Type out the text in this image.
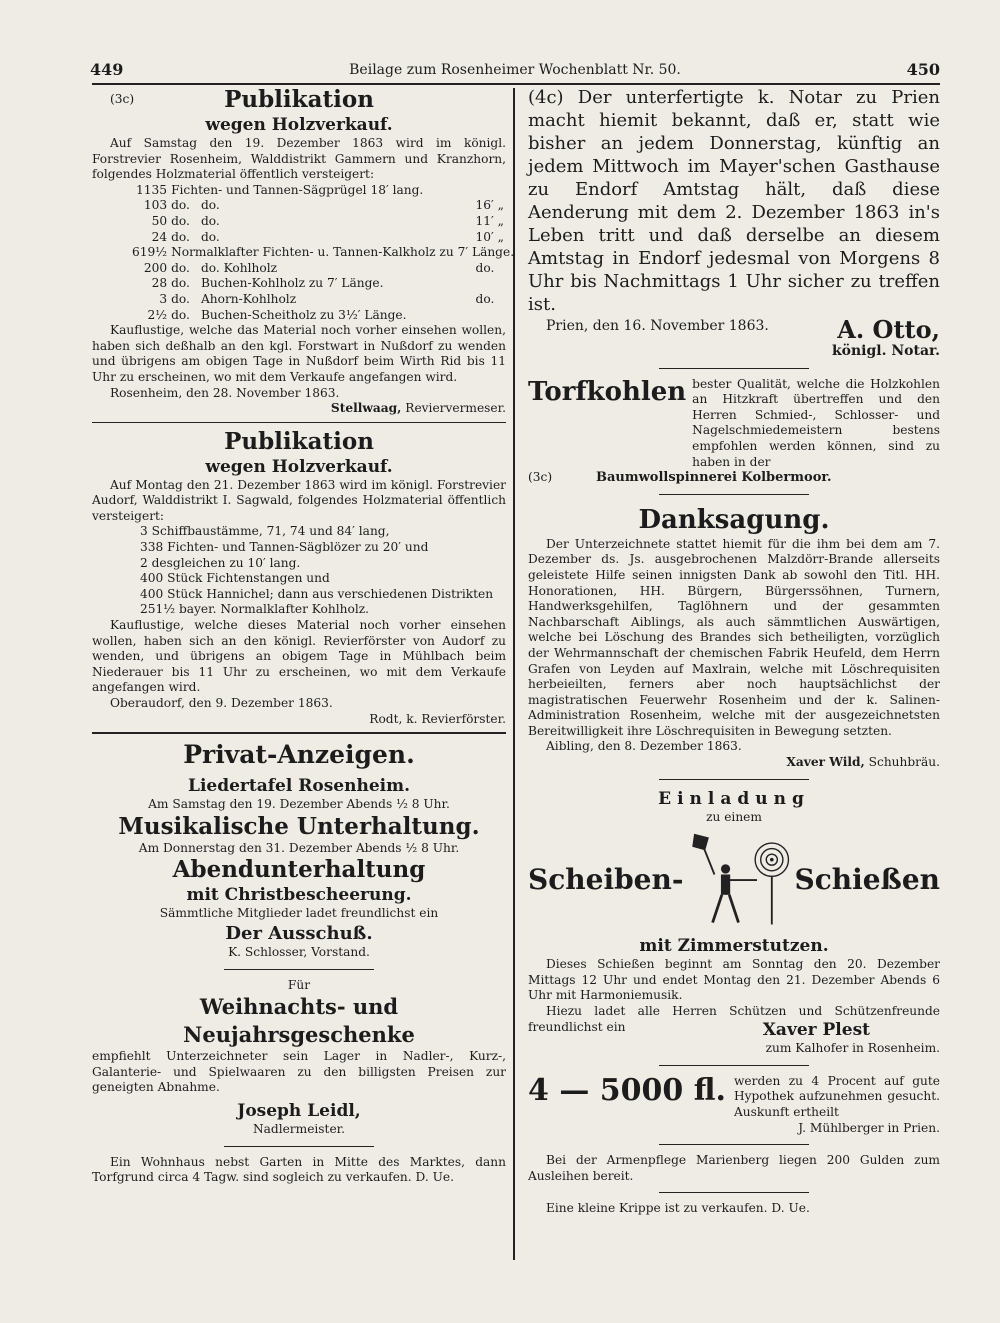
449	Beilage zum Rosenheimer Wochenblatt Nr. 50.	450
(3c)	Publikation

wegen Holzverkauf.

Auf Samstag den 19. Dezember 1863 wird im königl. Forstrevier Rosenheim, Walddistrikt Gammern und Kranzhorn, folgendes Holzmaterial öffentlich versteigert:

1135	Fichten- und Tannen-Sägprügel 18′ lang.		
103	do.	do.	16′ „
50	do.	do.	11′ „
24	do.	do.	10′ „
619½	Normalklafter Fichten- u. Tannen-Kalkholz zu 7′ Länge.		
200	do.	do. Kohlholz	do.
28	do.	Buchen-Kohlholz zu 7′ Länge.	
3	do.	Ahorn-Kohlholz	do.
2½	do.	Buchen-Scheitholz zu 3½′ Länge.	

Kauflustige, welche das Material noch vorher einsehen wollen, haben sich deßhalb an den kgl. Forstwart in Nußdorf zu wenden und übrigens am obigen Tage in Nußdorf beim Wirth Rid bis 11 Uhr zu erscheinen, wo mit dem Verkaufe angefangen wird.

Rosenheim, den 28. November 1863.

Stellwaag, Reviervermeser.

Publikation

wegen Holzverkauf.

Auf Montag den 21. Dezember 1863 wird im königl. Forstrevier Audorf, Walddistrikt I. Sagwald, folgendes Holzmaterial öffentlich versteigert:

3 Schiffbaustämme, 71, 74 und 84′ lang,

338 Fichten- und Tannen-Sägblözer zu 20′ und

2 desgleichen zu 10′ lang.

400 Stück Fichtenstangen und

400 Stück Hannichel; dann aus verschiedenen Distrikten

251½ bayer. Normalklafter Kohlholz.

Kauflustige, welche dieses Material noch vorher einsehen wollen, haben sich an den königl. Revierförster von Audorf zu wenden, und übrigens an obigem Tage in Mühlbach beim Niederauer bis 11 Uhr zu erscheinen, wo mit dem Verkaufe angefangen wird.

Oberaudorf, den 9. Dezember 1863.

Rodt, k. Revierförster.

Privat-Anzeigen.

Liedertafel Rosenheim.

Am Samstag den 19. Dezember Abends ½ 8 Uhr.

Musikalische Unterhaltung.

Am Donnerstag den 31. Dezember Abends ½ 8 Uhr.

Abendunterhaltung

mit Christbescheerung.

Sämmtliche Mitglieder ladet freundlichst ein

Der Ausschuß.

K. Schlosser, Vorstand.

Für

Weihnachts- und Neujahrsgeschenke

empfiehlt Unterzeichneter sein Lager in Nadler-, Kurz-, Galanterie- und Spielwaaren zu den billigsten Preisen zur geneigten Abnahme.

Joseph Leidl,

Nadlermeister.

Ein Wohnhaus nebst Garten in Mitte des Marktes, dann Torfgrund circa 4 Tagw. sind sogleich zu verkaufen. D. Ue.

(4c) Der unterfertigte k. Notar zu Prien macht hiemit bekannt, daß er, statt wie bisher an jedem Donnerstag, künftig an jedem Mittwoch im Mayer'schen Gasthause zu Endorf Amtstag hält, daß diese Aenderung mit dem 2. Dezember 1863 in's Leben tritt und daß derselbe an diesem Amtstag in Endorf jedesmal von Morgens 8 Uhr bis Nachmittags 1 Uhr sicher zu treffen ist.

Prien, den 16. November 1863.	A. Otto,

königl. Notar.

Torfkohlen bester Qualität, welche die Holzkohlen an Hitzkraft übertreffen und den Herren Schmied-, Schlosser- und Nagelschmiedemeistern bestens empfohlen werden können, sind zu haben in der

(3c)	Baumwollspinnerei Kolbermoor.

Danksagung.

Der Unterzeichnete stattet hiemit für die ihm bei dem am 7. Dezember ds. Js. ausgebrochenen Malzdörr-Brande allerseits geleistete Hilfe seinen innigsten Dank ab sowohl den Titl. HH. Honorationen, HH. Bürgern, Bürgerssöhnen, Turnern, Handwerksgehilfen, Taglöhnern und der gesammten Nachbarschaft Aiblings, als auch sämmtlichen Auswärtigen, welche bei Löschung des Brandes sich betheiligten, vorzüglich der Wehrmannschaft der chemischen Fabrik Heufeld, dem Herrn Grafen von Leyden auf Maxlrain, welche mit Löschrequisiten herbeieilten, ferners aber noch hauptsächlichst der magistratischen Feuerwehr Rosenheim und der k. Salinen-Administration Rosenheim, welche mit der ausgezeichnetsten Bereitwilligkeit ihre Löschrequisiten in Bewegung setzten.

Aibling, den 8. Dezember 1863.

Xaver Wild, Schuhbräu.

Einladung

zu einem

Scheiben-	Schießen

mit Zimmerstutzen.

Dieses Schießen beginnt am Sonntag den 20. Dezember Mittags 12 Uhr und endet Montag den 21. Dezember Abends 6 Uhr mit Harmoniemusik.

Hiezu ladet alle Herren Schützen und Schützenfreunde freundlichst ein	Xaver Plest

zum Kalhofer in Rosenheim.

4 — 5000 fl. werden zu 4 Procent auf gute Hypothek aufzunehmen gesucht. Auskunft ertheilt

J. Mühlberger in Prien.

Bei der Armenpflege Marienberg liegen 200 Gulden zum Ausleihen bereit.

Eine kleine Krippe ist zu verkaufen. D. Ue.
